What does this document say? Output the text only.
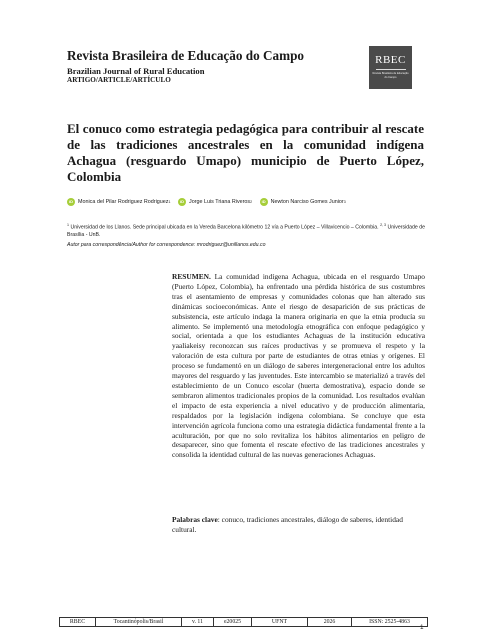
Revista Brasileira de Educação do Campo
Brazilian Journal of Rural Education
ARTIGO/ARTICLE/ARTÍCULO
RBEC
Revista Brasileira de Educação do Campo
El conuco como estrategia pedagógica para contribuir al rescate de las tradiciones ancestrales en la comunidad indígena Achagua (resguardo Umapo) municipio de Puerto López, Colombia
iD Monica del Pilar Rodriguez Rodriguez 1
	iD Jorge Luis Triana Riveros 2
	iD Newton Narciso Gomes Junior 3
$^1$ Universidad de los Llanos. Sede principal ubicada en la Vereda Barcelona kilómetro 12 vía a Puerto López – Villavicencio – Colombia. $^{2, 3}$ Universidade de Brasília - UnB.
Autor para correspondência/Author for correspondence: mrodriguez@unillanos.edu.co

RESUMEN. La comunidad indígena Achagua, ubicada en el resguardo Umapo (Puerto López, Colombia), ha enfrentado una pérdida histórica de sus costumbres tras el asentamiento de empresas y comunidades colonas que han alterado sus dinámicas socioeconómicas. Ante el riesgo de desaparición de sus prácticas de subsistencia, este artículo indaga la manera originaria en que la etnia producía su alimento. Se implementó una metodología etnográfica con enfoque pedagógico y social, orientada a que los estudiantes Achaguas de la institución educativa yaaliakeisy reconozcan sus raíces productivas y se promueva el respeto y la valoración de esta cultura por parte de estudiantes de otras etnias y orígenes. El proceso se fundamentó en un diálogo de saberes intergeneracional entre los adultos mayores del resguardo y las juventudes. Este intercambio se materializó a través del establecimiento de un Conuco escolar (huerta demostrativa), espacio donde se sembraron alimentos tradicionales propios de la comunidad. Los resultados evalúan el impacto de esta experiencia a nivel educativo y de producción alimentaria, respaldados por la legislación indígena colombiana. Se concluye que esta intervención agrícola funciona como una estrategia didáctica fundamental frente a la aculturación, por que no solo revitaliza los hábitos alimentarios en peligro de desaparecer, sino que fomenta el rescate efectivo de las tradiciones ancestrales y consolida la identidad cultural de las nuevas generaciones Achaguas.

Palabras clave: conuco, tradiciones ancestrales, diálogo de saberes, identidad cultural.

RBEC	Tocantinópolis/Brasil	v. 11	e20025	UFNT	2026	ISSN: 2525-4863
1
